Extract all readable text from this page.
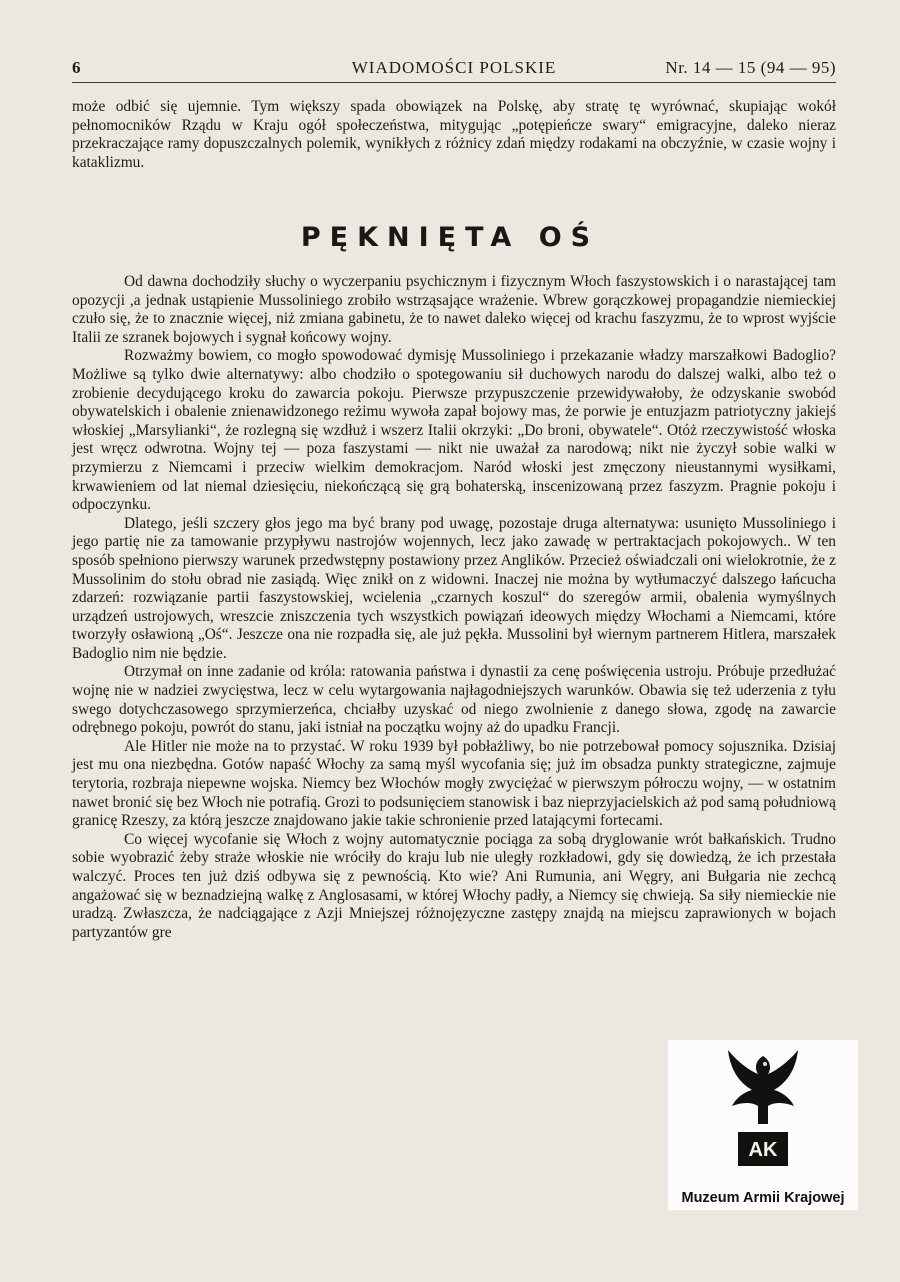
6	WIADOMOŚCI POLSKIE	Nr. 14 — 15 (94 — 95)

może odbić się ujemnie. Tym większy spada obowiązek na Polskę, aby stratę tę wyrównać, skupiając wokół pełnomocników Rządu w Kraju ogół społeczeństwa, mitygując „potępieńcze swary“ emigracyjne, daleko nieraz przekraczające ramy dopuszczalnych polemik, wynikłych z różnicy zdań między rodakami na obczyźnie, w czasie wojny i kataklizmu.

PĘKNIĘTA OŚ

Od dawna dochodziły słuchy o wyczerpaniu psychicznym i fizycznym Włoch faszystowskich i o narastającej tam opozycji ,a jednak ustąpienie Mussoliniego zrobiło wstrząsające wrażenie. Wbrew gorączkowej propagandzie niemieckiej czuło się, że to znacznie więcej, niż zmiana gabinetu, że to nawet daleko więcej od krachu faszyzmu, że to wprost wyjście Italii ze szranek bojowych i sygnał końcowy wojny.

Rozważmy bowiem, co mogło spowodować dymisję Mussoliniego i przekazanie władzy marszałkowi Badoglio? Możliwe są tylko dwie alternatywy: albo chodziło o spotegowaniu sił duchowych narodu do dalszej walki, albo też o zrobienie decydującego kroku do zawarcia pokoju. Pierwsze przypuszczenie przewidywałoby, że odzyskanie swobód obywatelskich i obalenie znienawidzonego reżimu wywoła zapał bojowy mas, że porwie je entuzjazm patriotyczny jakiejś włoskiej „Marsylianki“, że rozlegną się wzdłuż i wszerz Italii okrzyki: „Do broni, obywatele“. Otóż rzeczywistość włoska jest wręcz odwrotna. Wojny tej — poza faszystami — nikt nie uważał za narodową; nikt nie życzył sobie walki w przymierzu z Niemcami i przeciw wielkim demokracjom. Naród włoski jest zmęczony nieustannymi wysiłkami, krwawieniem od lat niemal dziesięciu, niekończącą się grą bohaterską, inscenizowaną przez faszyzm. Pragnie pokoju i odpoczynku.

Dlatego, jeśli szczery głos jego ma być brany pod uwagę, pozostaje druga alternatywa: usunięto Mussoliniego i jego partię nie za tamowanie przypływu nastrojów wojennych, lecz jako zawadę w pertraktacjach pokojowych.. W ten sposób spełniono pierwszy warunek przedwstępny postawiony przez Anglików. Przecież oświadczali oni wielokrotnie, że z Mussolinim do stołu obrad nie zasiądą. Więc znikł on z widowni. Inaczej nie można by wytłumaczyć dalszego łańcucha zdarzeń: rozwiązanie partii faszystowskiej, wcielenia „czarnych koszul“ do szeregów armii, obalenia wymyślnych urządzeń ustrojowych, wreszcie zniszczenia tych wszystkich powiązań ideowych między Włochami a Niemcami, które tworzyły osławioną „Oś“. Jeszcze ona nie rozpadła się, ale już pękła. Mussolini był wiernym partnerem Hitlera, marszałek Badoglio nim nie będzie.

Otrzymał on inne zadanie od króla: ratowania państwa i dynastii za cenę poświęcenia ustroju. Próbuje przedłużać wojnę nie w nadziei zwycięstwa, lecz w celu wytargowania najłagodniejszych warunków. Obawia się też uderzenia z tyłu swego dotychczasowego sprzymierzeńca, chciałby uzyskać od niego zwolnienie z danego słowa, zgodę na zawarcie odrębnego pokoju, powrót do stanu, jaki istniał na początku wojny aż do upadku Francji.

Ale Hitler nie może na to przystać. W roku 1939 był pobłażliwy, bo nie potrzebował pomocy sojusznika. Dzisiaj jest mu ona niezbędna. Gotów napaść Włochy za samą myśl wycofania się; już im obsadza punkty strategiczne, zajmuje terytoria, rozbraja niepewne wojska. Niemcy bez Włochów mogły zwyciężać w pierwszym półroczu wojny, — w ostatnim nawet bronić się bez Włoch nie potrafią. Grozi to podsunięciem stanowisk i baz nieprzyjacielskich aż pod samą południową granicę Rzeszy, za którą jeszcze znajdowano jakie takie schronienie przed latającymi fortecami.

Co więcej wycofanie się Włoch z wojny automatycznie pociąga za sobą dryglowanie wrót bałkańskich. Trudno sobie wyobrazić żeby straże włoskie nie wróciły do kraju lub nie uległy rozkładowi, gdy się dowiedzą, że ich przestała walczyć. Proces ten już dziś odbywa się z pewnością. Kto wie? Ani Rumunia, ani Węgry, ani Bułgaria nie zechcą angażować się w beznadziejną walkę z Anglosasami, w której Włochy padły, a Niemcy się chwieją. Sa siły niemieckie nie uradzą. Zwłaszcza, że nadciągające z Azji Mniejszej różnojęzyczne zastępy znajdą na miejscu zaprawionych w bojach partyzantów gre

AK
Muzeum Armii Krajowej
